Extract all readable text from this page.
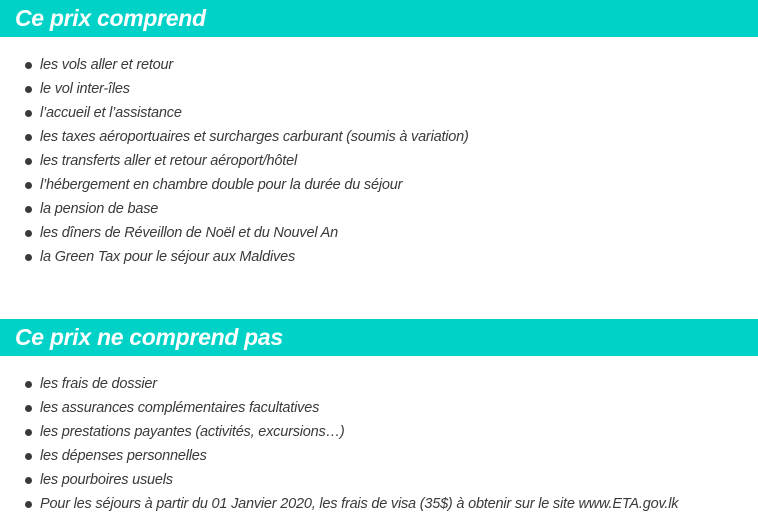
Ce prix comprend
les vols aller et retour
le vol inter-îles
l’accueil et l’assistance
les taxes aéroportuaires et surcharges carburant (soumis à variation)
les transferts aller et retour aéroport/hôtel
l’hébergement en chambre double pour la durée du séjour
la pension de base
les dîners de Réveillon de Noël et du Nouvel An
la Green Tax pour le séjour aux Maldives
Ce prix ne comprend pas
les frais de dossier
les assurances complémentaires facultatives
les prestations payantes (activités, excursions…)
les dépenses personnelles
les pourboires usuels
Pour les séjours à partir du 01 Janvier 2020, les frais de visa (35$) à obtenir sur le site www.ETA.gov.lk
